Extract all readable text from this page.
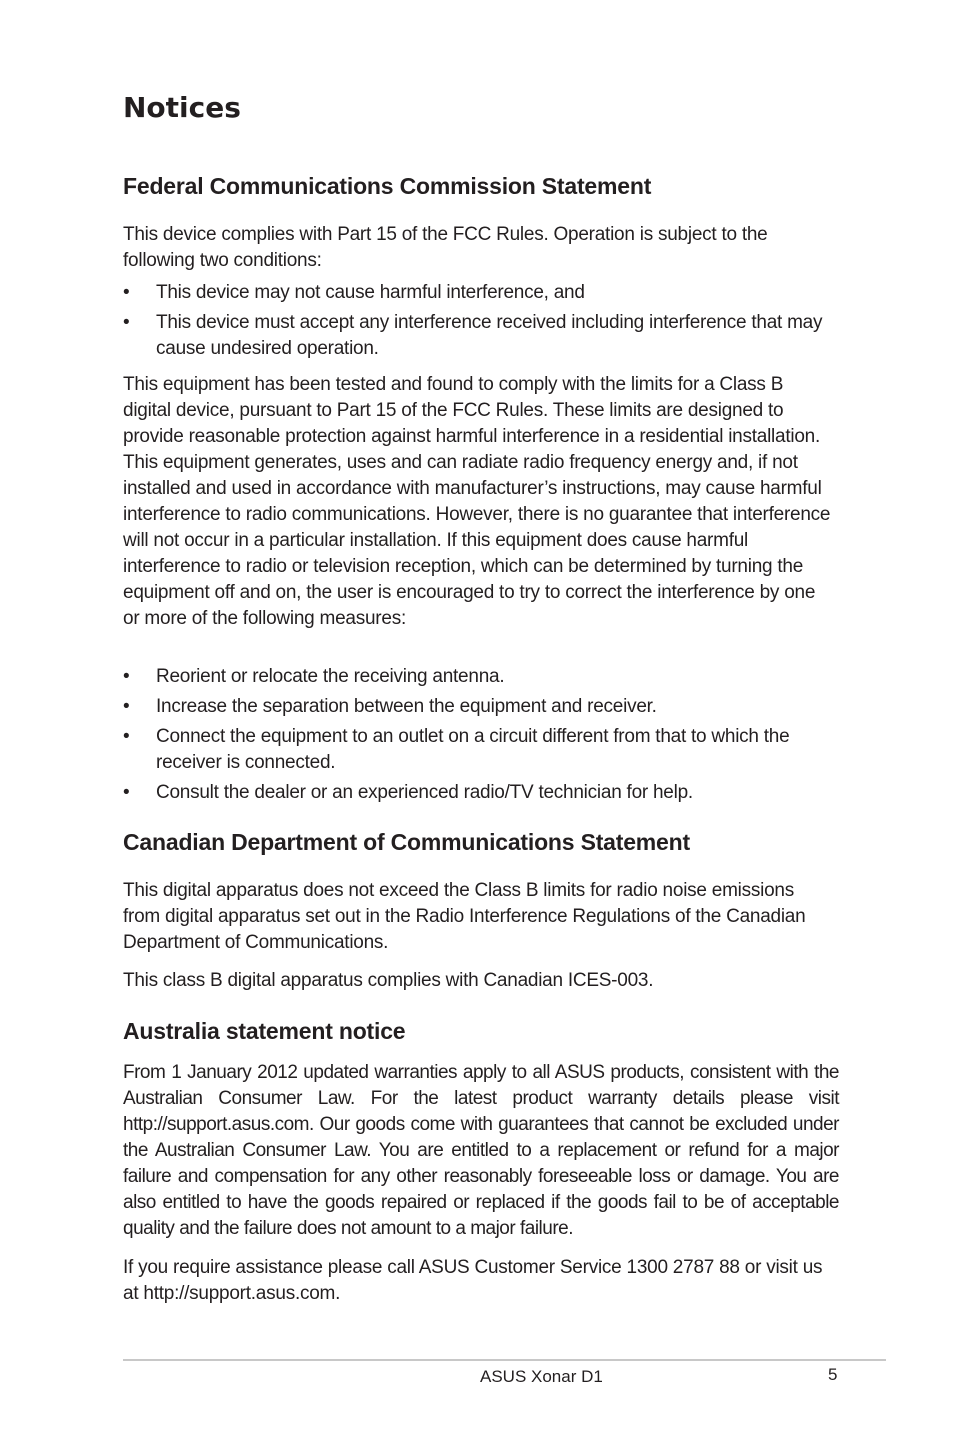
Notices
Federal Communications Commission Statement

This device complies with Part 15 of the FCC Rules. Operation is subject to the following two conditions:

• This device may not cause harmful interference, and
• This device must accept any interference received including interference that may cause undesired operation.

This equipment has been tested and found to comply with the limits for a Class B digital device, pursuant to Part 15 of the FCC Rules. These limits are designed to provide reasonable protection against harmful interference in a residential installation. This equipment generates, uses and can radiate radio frequency energy and, if not installed and used in accordance with manufacturer’s instructions, may cause harmful interference to radio communications. However, there is no guarantee that interference will not occur in a particular installation. If this equipment does cause harmful interference to radio or television reception, which can be determined by turning the equipment off and on, the user is encouraged to try to correct the interference by one or more of the following measures:

• Reorient or relocate the receiving antenna.
• Increase the separation between the equipment and receiver.
• Connect the equipment to an outlet on a circuit different from that to which the receiver is connected.
• Consult the dealer or an experienced radio/TV technician for help.
Canadian Department of Communications Statement

This digital apparatus does not exceed the Class B limits for radio noise emissions from digital apparatus set out in the Radio Interference Regulations of the Canadian Department of Communications.

This class B digital apparatus complies with Canadian ICES-003.

Australia statement notice

From 1 January 2012 updated warranties apply to all ASUS products, consistent with the Australian Consumer Law. For the latest product warranty details please visit http://support.asus.com. Our goods come with guarantees that cannot be excluded under the Australian Consumer Law. You are entitled to a replacement or refund for a major failure and compensation for any other reasonably foreseeable loss or damage. You are also entitled to have the goods repaired or replaced if the goods fail to be of acceptable quality and the failure does not amount to a major failure.

If you require assistance please call ASUS Customer Service 1300 2787 88 or visit us at http://support.asus.com.

ASUS Xonar D1	5
